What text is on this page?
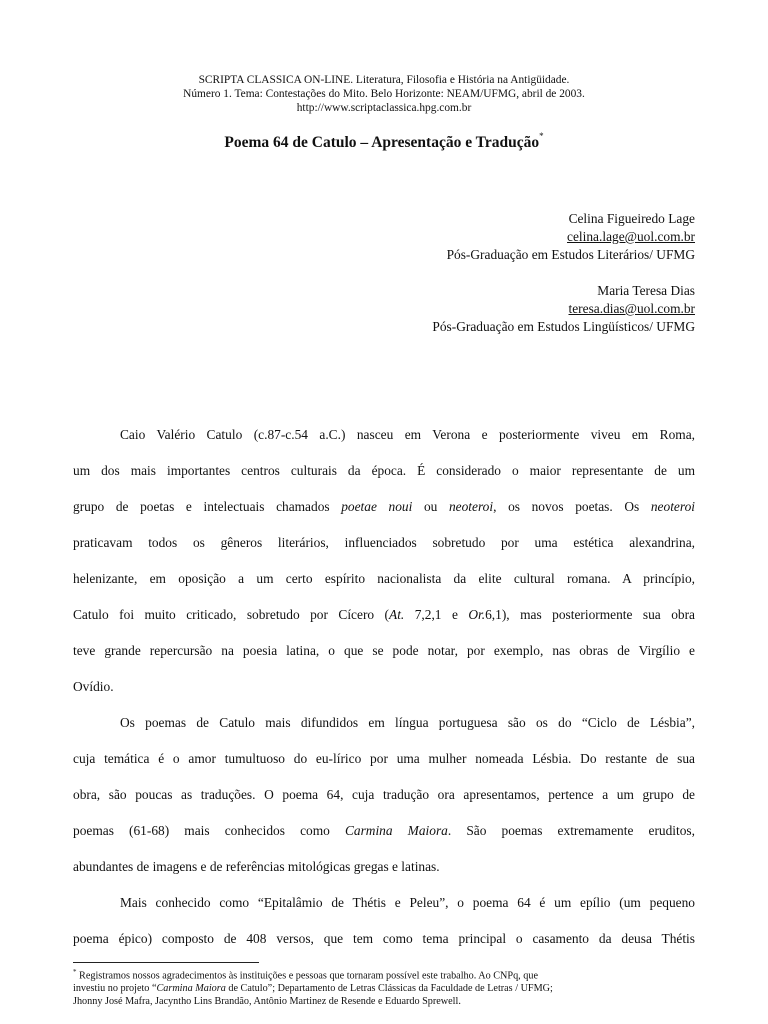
SCRIPTA CLASSICA ON-LINE. Literatura, Filosofia e História na Antigüidade.
Número 1. Tema: Contestações do Mito. Belo Horizonte: NEAM/UFMG, abril de 2003.
http://www.scriptaclassica.hpg.com.br
Poema 64 de Catulo – Apresentação e Tradução*
Celina Figueiredo Lage
celina.lage@uol.com.br
Pós-Graduação em Estudos Literários/ UFMG
Maria Teresa Dias
teresa.dias@uol.com.br
Pós-Graduação em Estudos Lingüísticos/ UFMG
Caio Valério Catulo (c.87-c.54 a.C.) nasceu em Verona e posteriormente viveu em Roma,
um dos mais importantes centros culturais da época. É considerado o maior representante de um
grupo de poetas e intelectuais chamados poetae noui ou neoteroi, os novos poetas. Os neoteroi
praticavam todos os gêneros literários, influenciados sobretudo por uma estética alexandrina,
helenizante, em oposição a um certo espírito nacionalista da elite cultural romana. A princípio,
Catulo foi muito criticado, sobretudo por Cícero (At. 7,2,1 e Or.6,1), mas posteriormente sua obra
teve grande repercursão na poesia latina, o que se pode notar, por exemplo, nas obras de Virgílio e
Ovídio.
Os poemas de Catulo mais difundidos em língua portuguesa são os do “Ciclo de Lésbia”,
cuja temática é o amor tumultuoso do eu-lírico por uma mulher nomeada Lésbia. Do restante de sua
obra, são poucas as traduções. O poema 64, cuja tradução ora apresentamos, pertence a um grupo de
poemas (61-68) mais conhecidos como Carmina Maiora. São poemas extremamente eruditos,
abundantes de imagens e de referências mitológicas gregas e latinas.
Mais conhecido como “Epitalâmio de Thétis e Peleu”, o poema 64 é um epílio (um pequeno
poema épico) composto de 408 versos, que tem como tema principal o casamento da deusa Thétis
* Registramos nossos agradecimentos às instituições e pessoas que tornaram possível este trabalho. Ao CNPq, que
investiu no projeto “Carmina Maiora de Catulo”; Departamento de Letras Clássicas da Faculdade de Letras / UFMG;
Jhonny José Mafra, Jacyntho Lins Brandão, Antônio Martinez de Resende e Eduardo Sprewell.
